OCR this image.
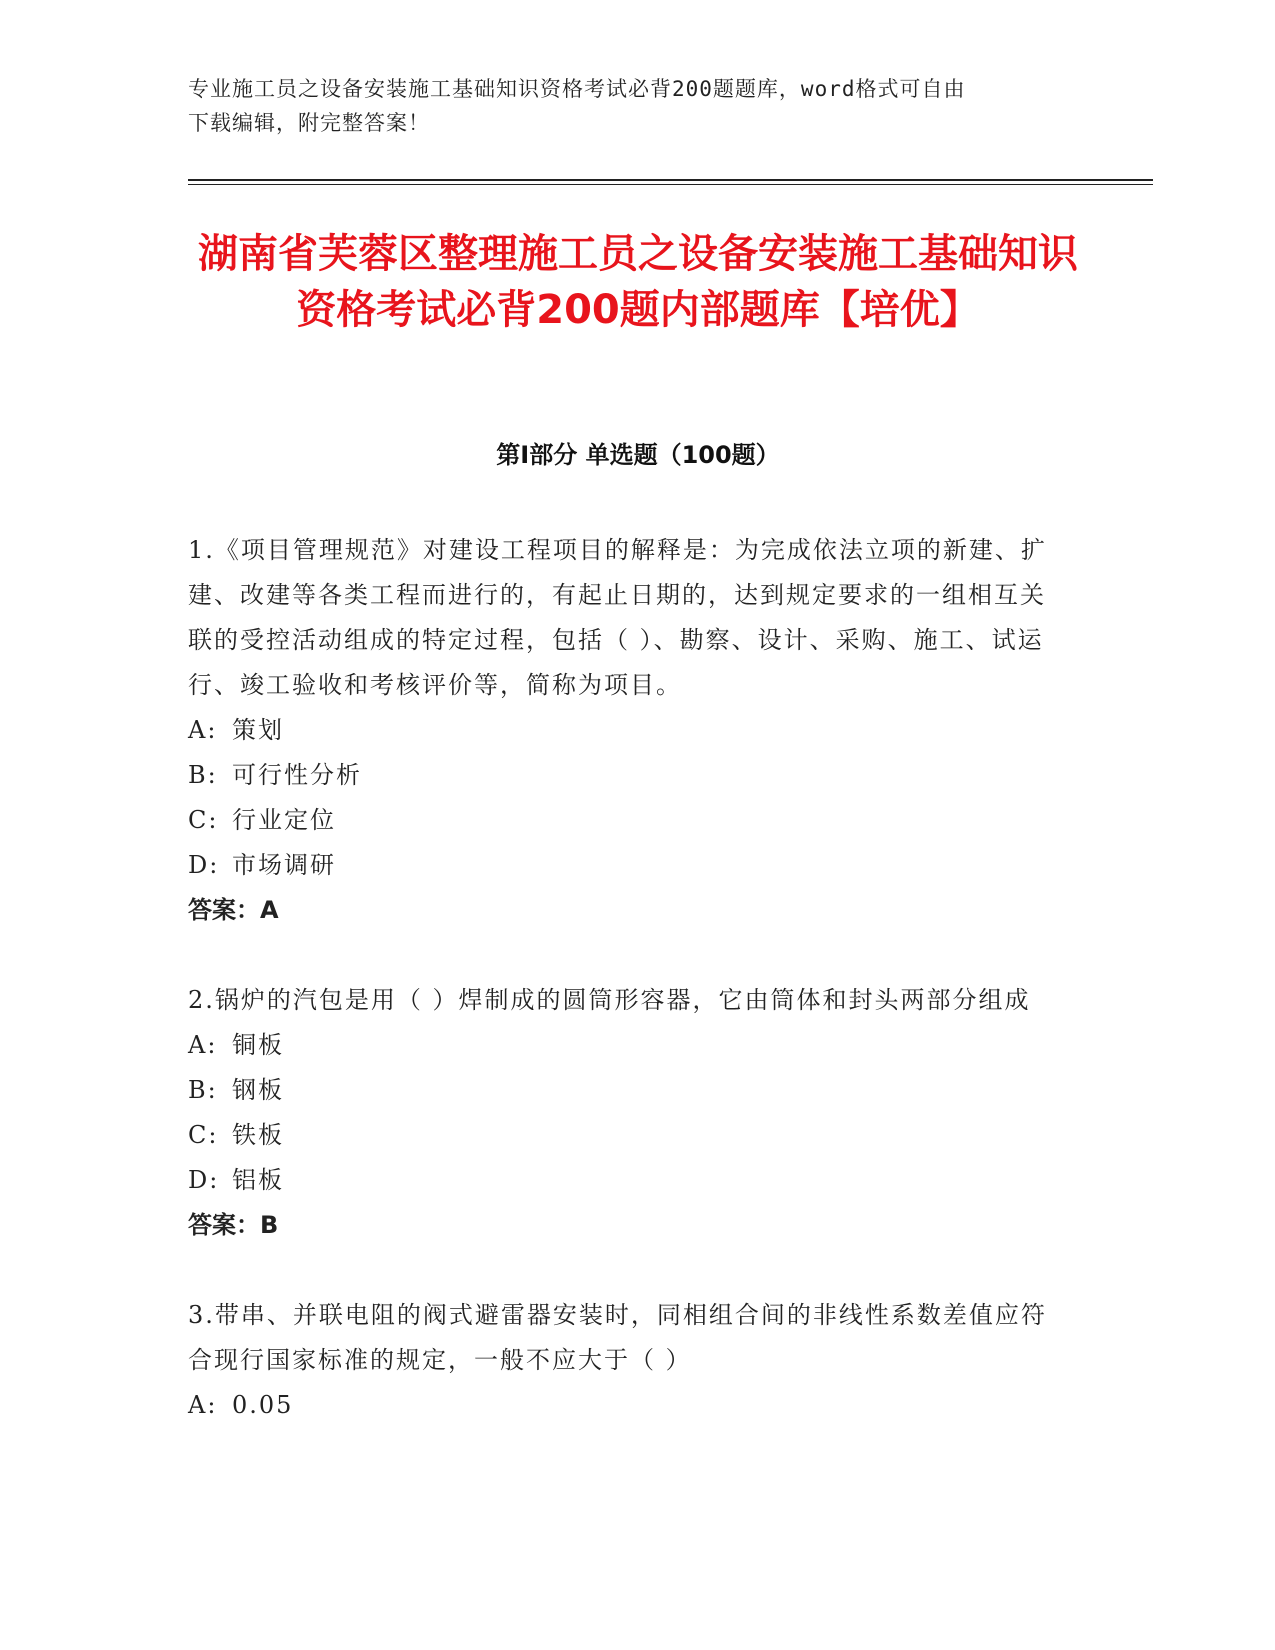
专业施工员之设备安装施工基础知识资格考试必背200题题库，word格式可自由
下载编辑，附完整答案！
湖南省芙蓉区整理施工员之设备安装施工基础知识资格考试必背200题内部题库【培优】
第I部分 单选题（100题）

1.《项目管理规范》对建设工程项目的解释是：为完成依法立项的新建、扩建、改建等各类工程而进行的，有起止日期的，达到规定要求的一组相互关联的受控活动组成的特定过程，包括（ ）、勘察、设计、采购、施工、试运行、竣工验收和考核评价等，简称为项目。

A: 策划
B: 可行性分析
C: 行业定位
D: 市场调研

答案：A

2.锅炉的汽包是用（ ）焊制成的圆筒形容器，它由筒体和封头两部分组成

A: 铜板
B: 钢板
C: 铁板
D: 铝板

答案：B

3.带串、并联电阻的阀式避雷器安装时，同相组合间的非线性系数差值应符合现行国家标准的规定，一般不应大于（ ）

A: 0.05
